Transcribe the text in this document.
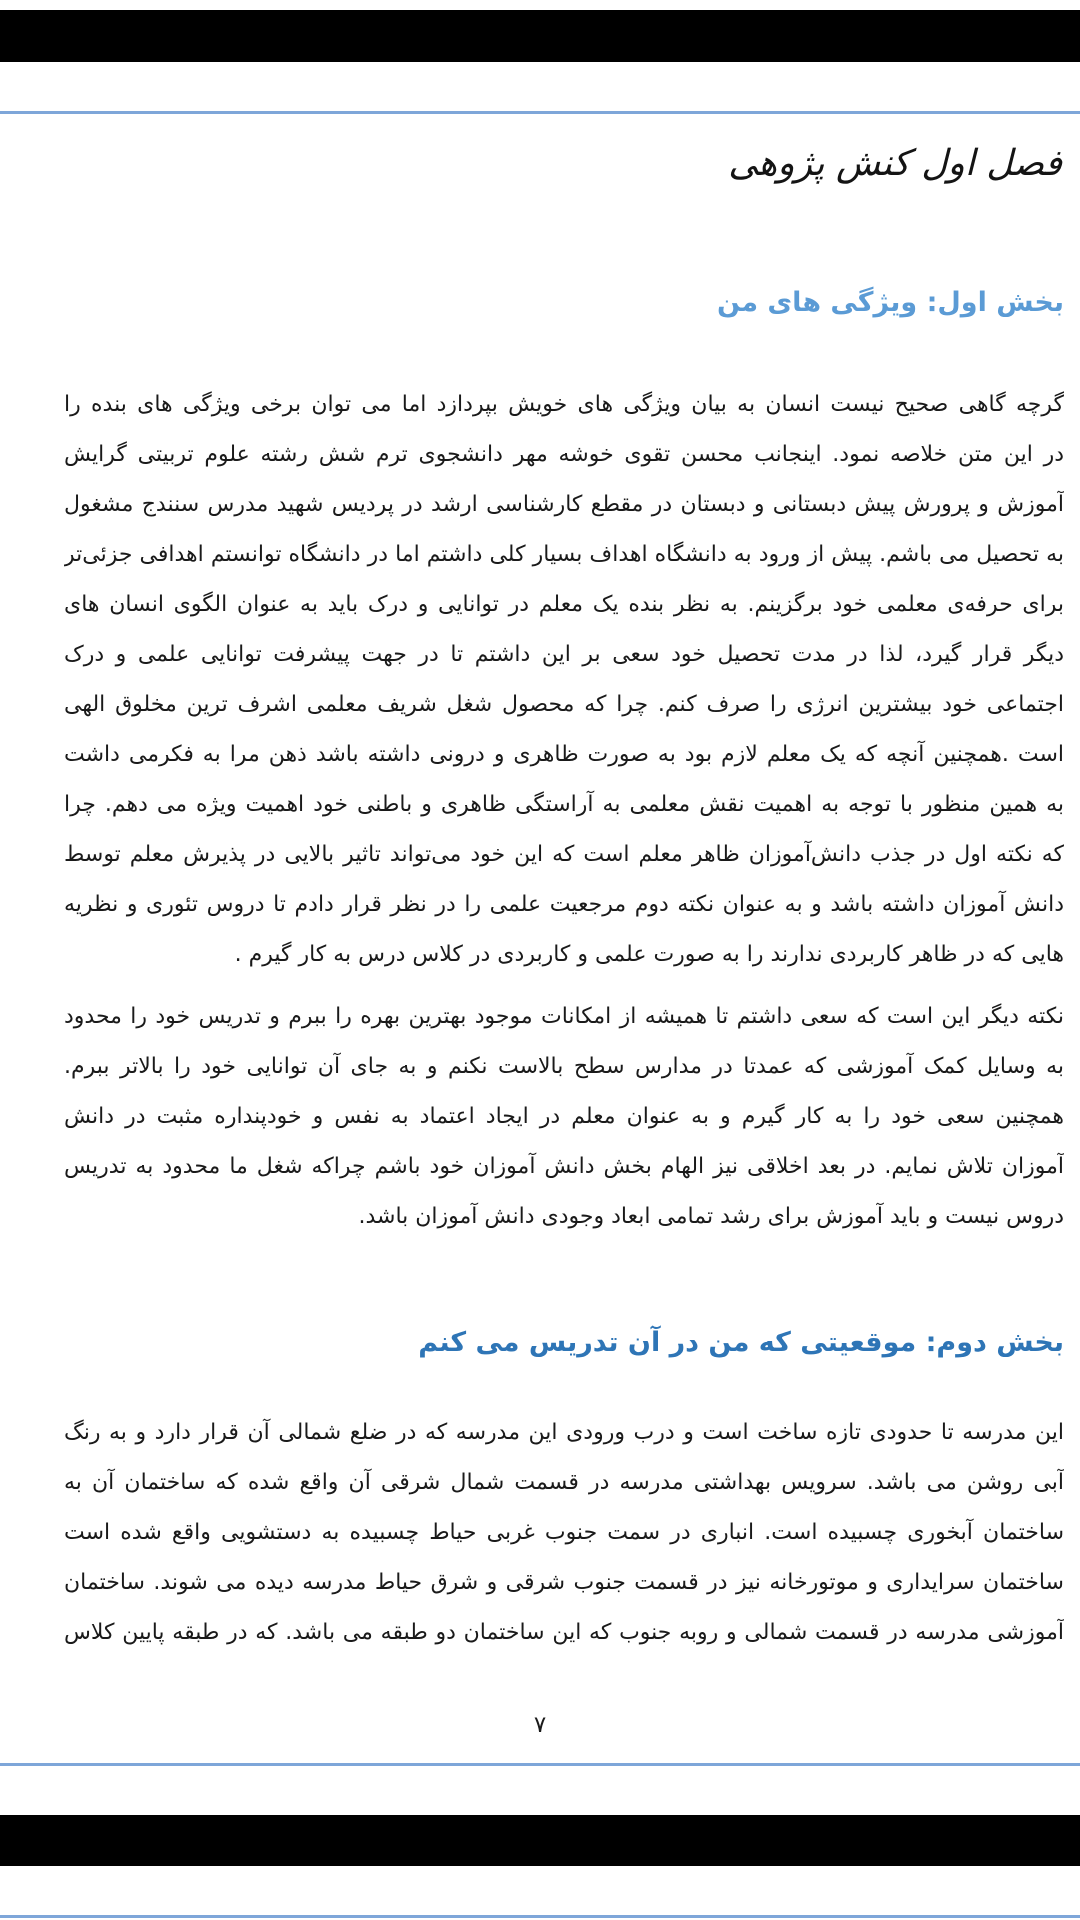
فصل اول کنش پژوهی
بخش اول: ویژگی های من
گرچه گاهی صحیح نیست انسان به بیان ویژگی های خویش بپردازد اما می توان برخی ویژگی های بنده را
در این متن خلاصه نمود. اینجانب محسن تقوی خوشه مهر دانشجوی ترم شش رشته علوم تربیتی گرایش
آموزش و پرورش پیش دبستانی و دبستان در مقطع کارشناسی ارشد در پردیس شهید مدرس سنندج مشغول
به تحصیل می باشم. پیش از ورود به دانشگاه اهداف بسیار کلی داشتم اما در دانشگاه توانستم اهدافی جزئی‌تر
برای حرفه‌ی معلمی خود برگزینم. به نظر بنده یک معلم در توانایی و درک باید به عنوان الگوی انسان های
دیگر قرار گیرد، لذا در مدت تحصیل خود سعی بر این داشتم تا در جهت پیشرفت توانایی علمی و درک
اجتماعی خود بیشترین انرژی را صرف کنم. چرا که محصول شغل شریف معلمی اشرف ترین مخلوق الهی
است .همچنین آنچه که یک معلم لازم بود به صورت ظاهری و درونی داشته باشد ذهن مرا به فکرمی داشت
به همین منظور با توجه به اهمیت نقش معلمی به آراستگی ظاهری و باطنی خود اهمیت ویژه می دهم. چرا
که نکته اول در جذب دانش‌آموزان ظاهر معلم است که این خود می‌تواند تاثیر بالایی در پذیرش معلم توسط
دانش آموزان داشته باشد و به عنوان نکته دوم مرجعیت علمی را در نظر قرار دادم تا دروس تئوری و نظریه
هایی که در ظاهر کاربردی ندارند را به صورت علمی و کاربردی در کلاس درس به کار گیرم .
نکته دیگر این است که سعی داشتم تا همیشه از امکانات موجود بهترین بهره را ببرم و تدریس خود را محدود
به وسایل کمک آموزشی که عمدتا در مدارس سطح بالاست نکنم و به جای آن توانایی خود را بالاتر ببرم.
همچنین سعی خود را به کار گیرم و به عنوان معلم در ایجاد اعتماد به نفس و خودپنداره مثبت در دانش
آموزان تلاش نمایم. در بعد اخلاقی نیز الهام بخش دانش آموزان خود باشم چراکه شغل ما محدود به تدریس
دروس نیست و باید آموزش برای رشد تمامی ابعاد وجودی دانش آموزان باشد.
بخش دوم: موقعیتی که من در آن تدریس می کنم
این مدرسه تا حدودی تازه ساخت است و درب ورودی این مدرسه که در ضلع شمالی آن قرار دارد و به رنگ
آبی روشن می باشد. سرویس بهداشتی مدرسه در قسمت شمال شرقی آن واقع شده که ساختمان آن به
ساختمان آبخوری چسبیده است. انباری در سمت جنوب غربی حیاط چسبیده به دستشویی واقع شده است
ساختمان سرایداری و موتورخانه نیز در قسمت جنوب شرقی و شرق حیاط مدرسه دیده می شوند. ساختمان
آموزشی مدرسه در قسمت شمالی و روبه جنوب که این ساختمان دو طبقه می باشد. که در طبقه پایین کلاس
۷
